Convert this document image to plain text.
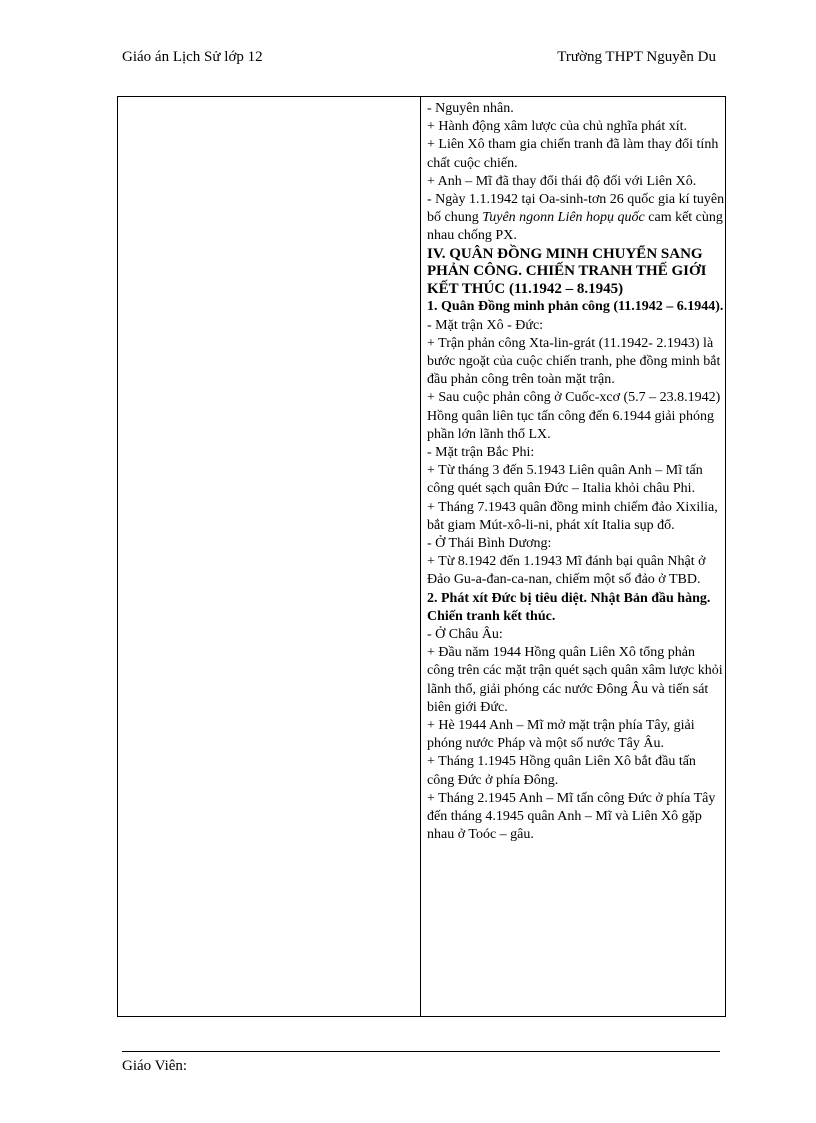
Giáo án Lịch Sử lớp 12	Trường THPT Nguyễn Du

- Nguyên nhân.

+ Hành động xâm lược của chủ nghĩa phát xít.

+ Liên Xô tham gia chiến tranh đã làm thay đổi tính chất cuộc chiến.

+ Anh – Mĩ đã thay đổi thái độ đối với Liên Xô.

- Ngày 1.1.1942 tại Oa-sinh-tơn 26 quốc gia kí tuyên bố chung Tuyên ngonn Liên hopụ quốc cam kết cùng nhau chống PX.

IV. QUÂN ĐỒNG MINH CHUYỂN SANG PHẢN CÔNG. CHIẾN TRANH THẾ GIỚI KẾT THÚC (11.1942 – 8.1945)

1. Quân Đồng minh phản công (11.1942 – 6.1944).

- Mặt trận Xô - Đức:

+ Trận phản công Xta-lin-grát (11.1942- 2.1943) là bước ngoặt của cuộc chiến tranh, phe đồng minh bắt đầu phản công trên toàn mặt trận.

+ Sau cuộc phản công ở Cuốc-xcơ (5.7 – 23.8.1942) Hồng quân liên tục tấn công đến 6.1944 giải phóng phần lớn lãnh thổ LX.

- Mặt trận Bắc Phi:

+ Từ tháng 3 đến 5.1943 Liên quân Anh – Mĩ tấn công quét sạch quân Đức – Italia khỏi châu Phi.

+ Tháng 7.1943 quân đồng minh chiếm đảo Xixilia, bắt giam Mút-xô-li-ni, phát xít Italia sụp đổ.

- Ở Thái Bình Dương:

+ Từ 8.1942 đến 1.1943 Mĩ đánh bại quân Nhật ở Đảo Gu-a-đan-ca-nan, chiếm một số đảo ở TBD.

2. Phát xít Đức bị tiêu diệt. Nhật Bản đầu hàng. Chiến tranh kết thúc.

- Ở Châu Âu:

+ Đầu năm 1944 Hồng quân Liên Xô tổng phản công trên các mặt trận quét sạch quân xâm lược khỏi lãnh thổ, giải phóng các nước Đông Âu và tiến sát biên giới Đức.

+ Hè 1944 Anh – Mĩ mở mặt trận phía Tây, giải phóng nước Pháp và một số nước Tây Âu.

+ Tháng 1.1945 Hồng quân Liên Xô bắt đầu tấn công Đức ở phía Đông.

+ Tháng 2.1945 Anh – Mĩ tấn công Đức ở phía Tây đến tháng 4.1945 quân Anh – Mĩ và Liên Xô gặp nhau ở Toóc – gâu.

Giáo Viên:
